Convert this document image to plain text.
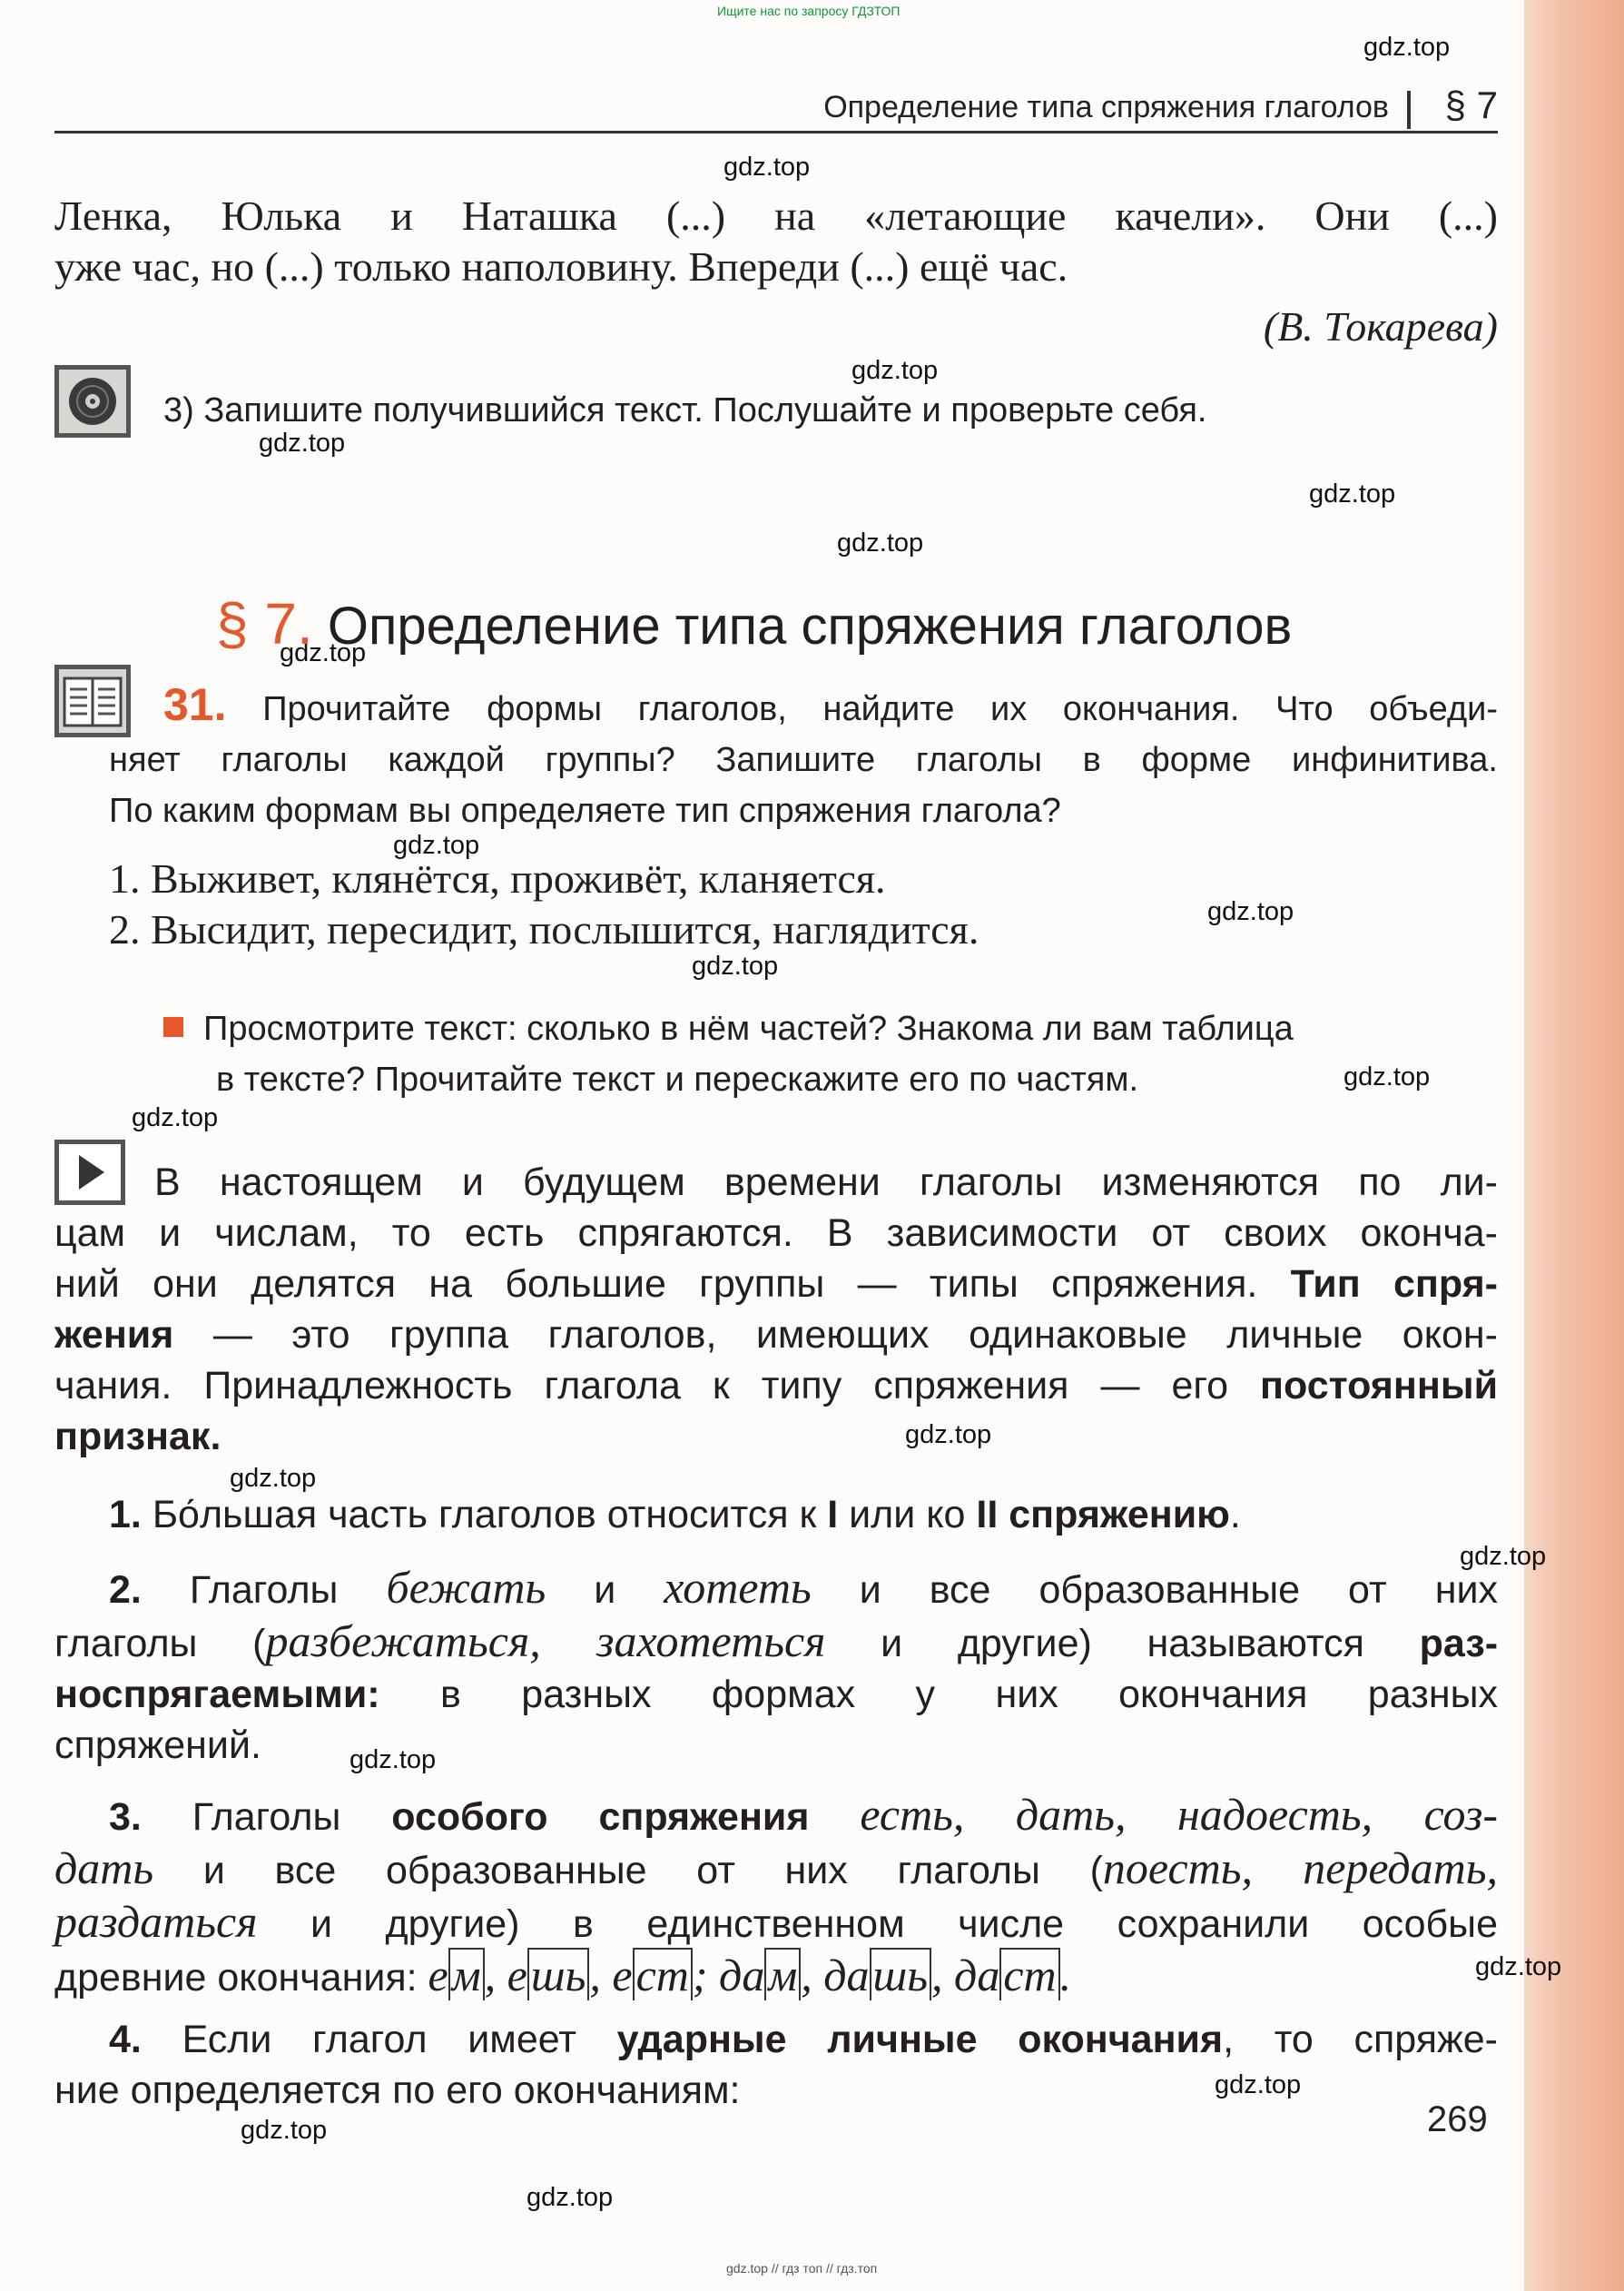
Ищите нас по запросу ГДЗТОП
gdz.top
gdz.top
gdz.top
gdz.top
gdz.top
gdz.top
gdz.top
gdz.top
gdz.top
gdz.top
gdz.top
gdz.top
gdz.top
gdz.top
gdz.top
gdz.top
gdz.top
gdz.top
gdz.top
gdz.top
Определение типа спряжения глаголов § 7
Ленка, Юлька и Наташка (...) на «летающие качели». Они (...)
уже час, но (...) только наполовину. Впереди (...) ещё час.
(В. Токарева)
3) Запишите получившийся текст. Послушайте и проверьте себя.
§ 7. Определение типа спряжения глаголов
31. Прочитайте формы глаголов, найдите их окончания. Что объеди-
няет глаголы каждой группы? Запишите глаголы в форме инфинитива.
По каким формам вы определяете тип спряжения глагола?
1. Выживет, клянётся, проживёт, кланяется.
2. Высидит, пересидит, послышится, наглядится.
Просмотрите текст: сколько в нём частей? Знакома ли вам таблица
в тексте? Прочитайте текст и перескажите его по частям.
В настоящем и будущем времени глаголы изменяются по ли-
цам и числам, то есть спрягаются. В зависимости от своих оконча-
ний они делятся на большие группы — типы спряжения. Тип спря-
жения — это группа глаголов, имеющих одинаковые личные окон-
чания. Принадлежность глагола к типу спряжения — его постоянный
признак.
1. Бо́льшая часть глаголов относится к I или ко II спряжению.
2. Глаголы бежать и хотеть и все образованные от них
глаголы (разбежаться, захотеться и другие) называются раз-
носпрягаемыми: в разных формах у них окончания разных
спряжений.
3. Глаголы особого спряжения есть, дать, надоесть, соз-
дать и все образованные от них глаголы (поесть, передать,
раздаться и другие) в единственном числе сохранили особые
древние окончания: ем, ешь, ест; дам, дашь, даст.
4. Если глагол имеет ударные личные окончания, то спряже-
ние определяется по его окончаниям:
269
gdz.top // гдз топ // гдз.топ
